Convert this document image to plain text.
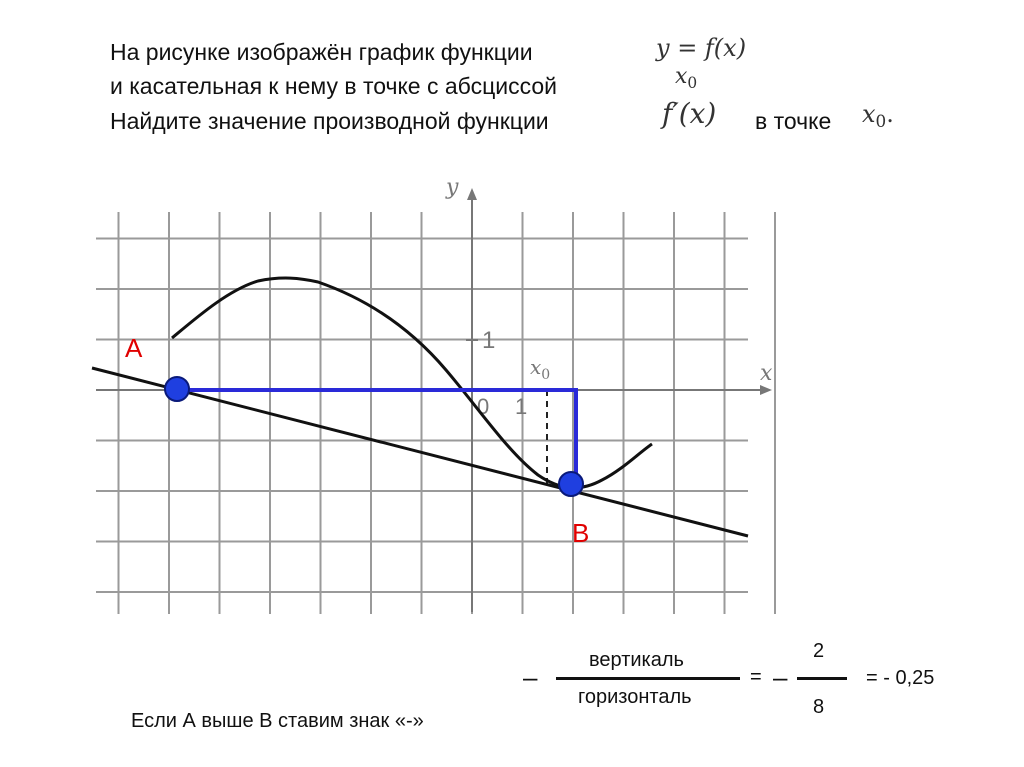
На рисунке изображён график функции	y = f(x)
и касательная к нему в точке с абсциссой	$x_0$
Найдите значение производной функции	f′(x) в точке $x_0$.
y
x
1
0 1
$x_0$
A
B
–
вертикаль
горизонталь
= –
2
8
= - 0,25
Если А выше В ставим знак «-»
